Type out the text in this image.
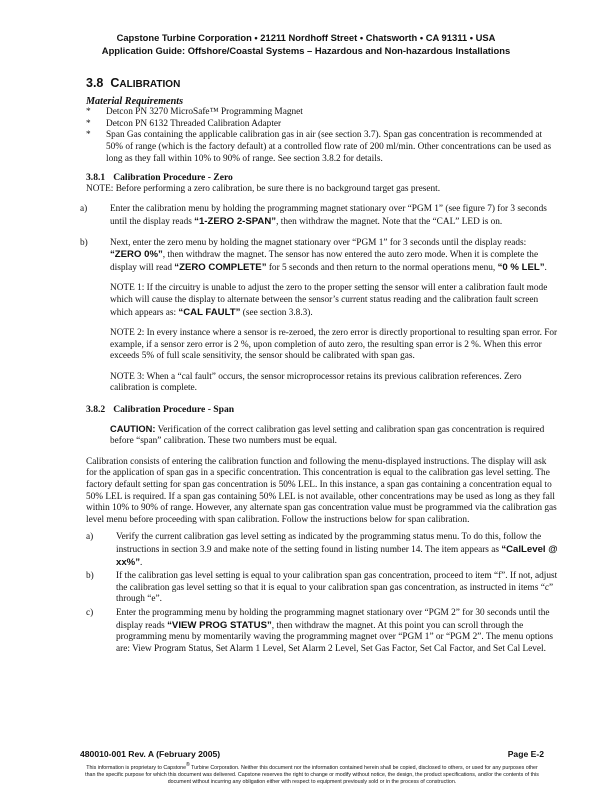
Capstone Turbine Corporation • 21211 Nordhoff Street • Chatsworth • CA 91311 • USA
Application Guide: Offshore/Coastal Systems – Hazardous and Non-hazardous Installations
3.8 CALIBRATION
Material Requirements
* Detcon PN 3270 MicroSafe™ Programming Magnet
* Detcon PN 6132 Threaded Calibration Adapter
* Span Gas containing the applicable calibration gas in air (see section 3.7). Span gas concentration is recommended at 50% of range (which is the factory default) at a controlled flow rate of 200 ml/min. Other concentrations can be used as long as they fall within 10% to 90% of range. See section 3.8.2 for details.
3.8.1 Calibration Procedure - Zero
NOTE: Before performing a zero calibration, be sure there is no background target gas present.
a) Enter the calibration menu by holding the programming magnet stationary over “PGM 1” (see figure 7) for 3 seconds until the display reads “1-ZERO 2-SPAN”, then withdraw the magnet. Note that the “CAL” LED is on.
b) Next, enter the zero menu by holding the magnet stationary over “PGM 1” for 3 seconds until the display reads: “ZERO 0%”, then withdraw the magnet. The sensor has now entered the auto zero mode. When it is complete the display will read “ZERO COMPLETE” for 5 seconds and then return to the normal operations menu, “0 % LEL”.
NOTE 1: If the circuitry is unable to adjust the zero to the proper setting the sensor will enter a calibration fault mode which will cause the display to alternate between the sensor’s current status reading and the calibration fault screen which appears as: “CAL FAULT” (see section 3.8.3).
NOTE 2: In every instance where a sensor is re-zeroed, the zero error is directly proportional to resulting span error. For example, if a sensor zero error is 2 %, upon completion of auto zero, the resulting span error is 2 %. When this error exceeds 5% of full scale sensitivity, the sensor should be calibrated with span gas.
NOTE 3: When a “cal fault” occurs, the sensor microprocessor retains its previous calibration references. Zero calibration is complete.
3.8.2 Calibration Procedure - Span
CAUTION: Verification of the correct calibration gas level setting and calibration span gas concentration is required before “span” calibration. These two numbers must be equal.
Calibration consists of entering the calibration function and following the menu-displayed instructions. The display will ask for the application of span gas in a specific concentration. This concentration is equal to the calibration gas level setting. The factory default setting for span gas concentration is 50% LEL. In this instance, a span gas containing a concentration equal to 50% LEL is required. If a span gas containing 50% LEL is not available, other concentrations may be used as long as they fall within 10% to 90% of range. However, any alternate span gas concentration value must be programmed via the calibration gas level menu before proceeding with span calibration. Follow the instructions below for span calibration.
a) Verify the current calibration gas level setting as indicated by the programming status menu. To do this, follow the instructions in section 3.9 and make note of the setting found in listing number 14. The item appears as “CalLevel @ xx%”.
b) If the calibration gas level setting is equal to your calibration span gas concentration, proceed to item “f”. If not, adjust the calibration gas level setting so that it is equal to your calibration span gas concentration, as instructed in items “c” through “e”.
c) Enter the programming menu by holding the programming magnet stationary over “PGM 2” for 30 seconds until the display reads “VIEW PROG STATUS”, then withdraw the magnet. At this point you can scroll through the programming menu by momentarily waving the programming magnet over “PGM 1” or “PGM 2”. The menu options are: View Program Status, Set Alarm 1 Level, Set Alarm 2 Level, Set Gas Factor, Set Cal Factor, and Set Cal Level.
480010-001 Rev. A (February 2005)	Page E-2
This information is proprietary to Capstone® Turbine Corporation. Neither this document nor the information contained herein shall be copied, disclosed to others, or used for any purposes other than the specific purpose for which this document was delivered. Capstone reserves the right to change or modify without notice, the design, the product specifications, and/or the contents of this document without incurring any obligation either with respect to equipment previously sold or in the process of construction.
